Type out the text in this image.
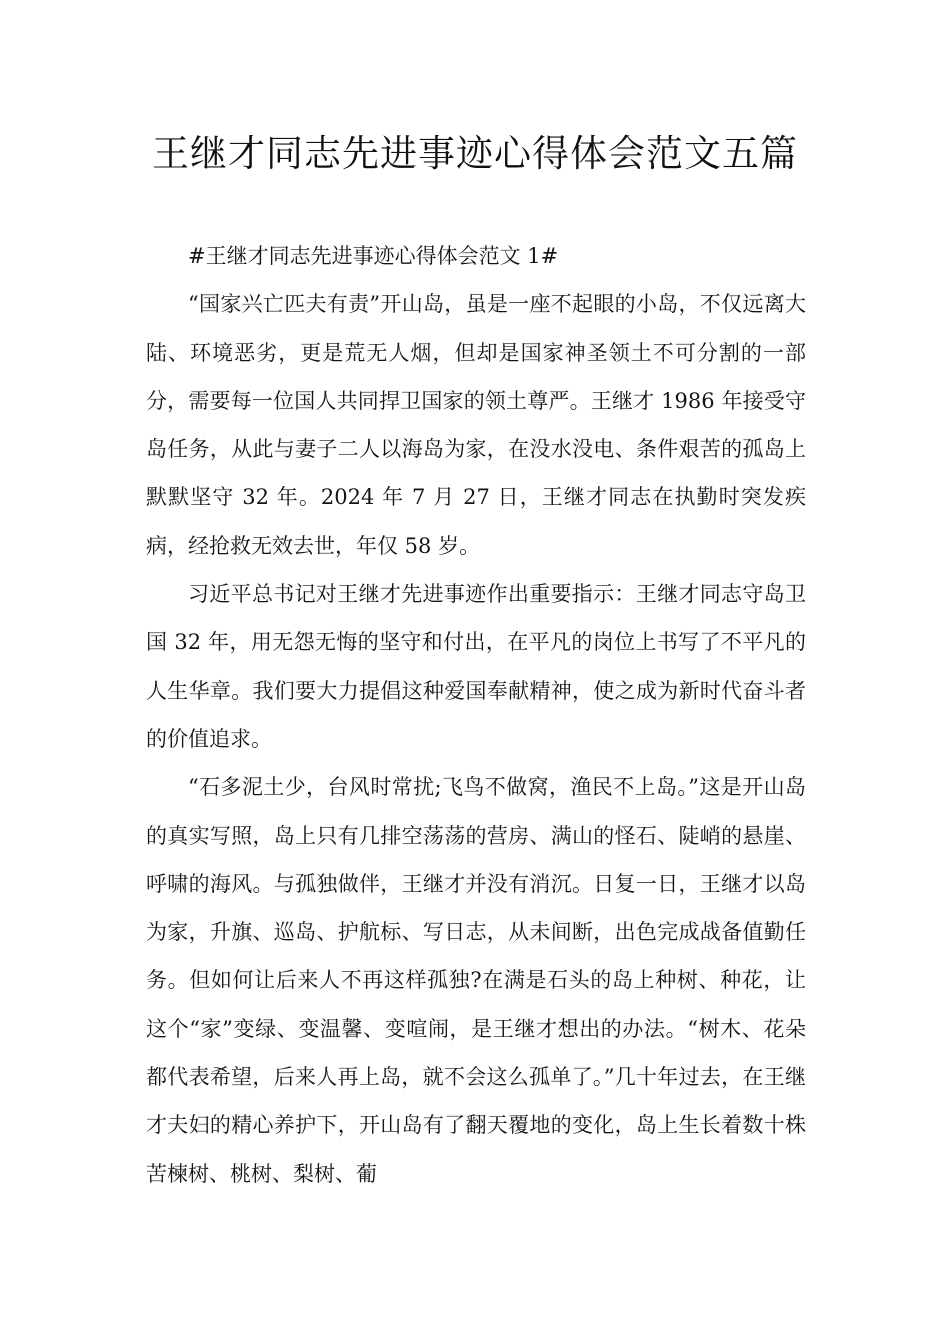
王继才同志先进事迹心得体会范文五篇

#王继才同志先进事迹心得体会范文 1#

“国家兴亡匹夫有责”开山岛，虽是一座不起眼的小岛，不仅远离大陆、环境恶劣，更是荒无人烟，但却是国家神圣领土不可分割的一部分，需要每一位国人共同捍卫国家的领土尊严。王继才 1986 年接受守岛任务，从此与妻子二人以海岛为家，在没水没电、条件艰苦的孤岛上默默坚守 32 年。2024 年 7 月 27 日，王继才同志在执勤时突发疾病，经抢救无效去世，年仅 58 岁。

习近平总书记对王继才先进事迹作出重要指示：王继才同志守岛卫国 32 年，用无怨无悔的坚守和付出，在平凡的岗位上书写了不平凡的人生华章。我们要大力提倡这种爱国奉献精神，使之成为新时代奋斗者的价值追求。

“石多泥土少，台风时常扰;飞鸟不做窝，渔民不上岛。”这是开山岛的真实写照，岛上只有几排空荡荡的营房、满山的怪石、陡峭的悬崖、呼啸的海风。与孤独做伴，王继才并没有消沉。日复一日，王继才以岛为家，升旗、巡岛、护航标、写日志，从未间断，出色完成战备值勤任务。但如何让后来人不再这样孤独?在满是石头的岛上种树、种花，让这个“家”变绿、变温馨、变喧闹，是王继才想出的办法。“树木、花朵都代表希望，后来人再上岛，就不会这么孤单了。”几十年过去，在王继才夫妇的精心养护下，开山岛有了翻天覆地的变化，岛上生长着数十株苦楝树、桃树、梨树、葡
